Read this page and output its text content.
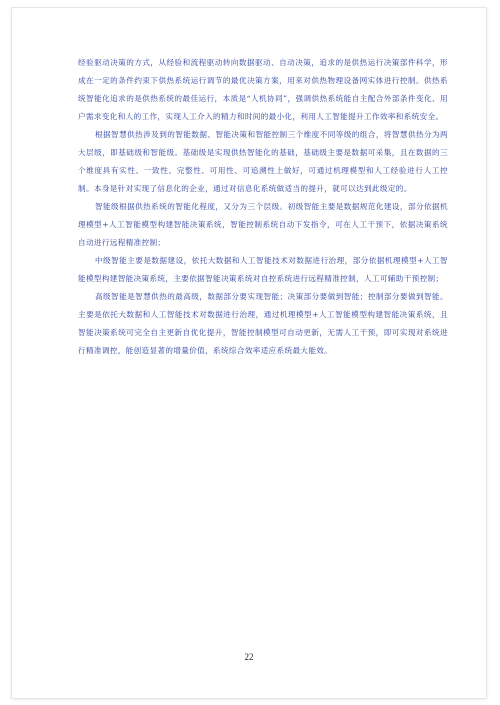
经验驱动决策的方式，从经验和流程驱动转向数据驱动、自动决策，追求的是供热运行决策部件科学，形成在一定的条件约束下供热系统运行调节的最优决策方案，用来对供热物理设备网实体进行控制。供热系统智能化追求的是供热系统的最佳运行，本质是“人机协同”，强调供热系统能自主配合外部条件变化、用户需求变化和人的工作，实现人工介入的精力和时间的最小化，利用人工智能提升工作效率和系统安全。

根据智慧供热涉及到的智能数据、智能决策和智能控制三个维度不同等级的组合，将智慧供热分为两大层级，即基础级和智能级。基础级是实现供热智能化的基础，基础级主要是数据可采集，且在数据的三个维度具有实性、一致性、完整性、可用性、可追溯性上做好，可通过机理模型和人工经验进行人工控制。本身是针对实现了信息化的企业，通过对信息化系统做适当的提升，就可以达到此级定的。

智能级根据供热系统的智能化程度，又分为三个层级。初级智能主要是数据规范化建设，部分依据机理模型+人工智能模型构建智能决策系统，智能控制系统自动下发指令，可在人工干预下，依据决策系统自动进行远程精准控制；

中级智能主要是数据建设，依托大数据和人工智能技术对数据进行治理，部分依据机理模型+人工智能模型构建智能决策系统，主要依据智能决策系统对自控系统进行远程精准控制，人工可辅助干预控制；

高级智能是智慧供热的最高级，数据部分要实现智能；决策部分要做到智能；控制部分要做到智能。主要是依托大数据和人工智能技术对数据进行治理，通过机理模型+人工智能模型构建智能决策系统，且智能决策系统可完全自主更新自优化提升，智能控制模型可自动更新，无需人工干预，即可实现对系统进行精准调控，能创造显著的增量价值，系统综合效率适应系统最大能效。

22
